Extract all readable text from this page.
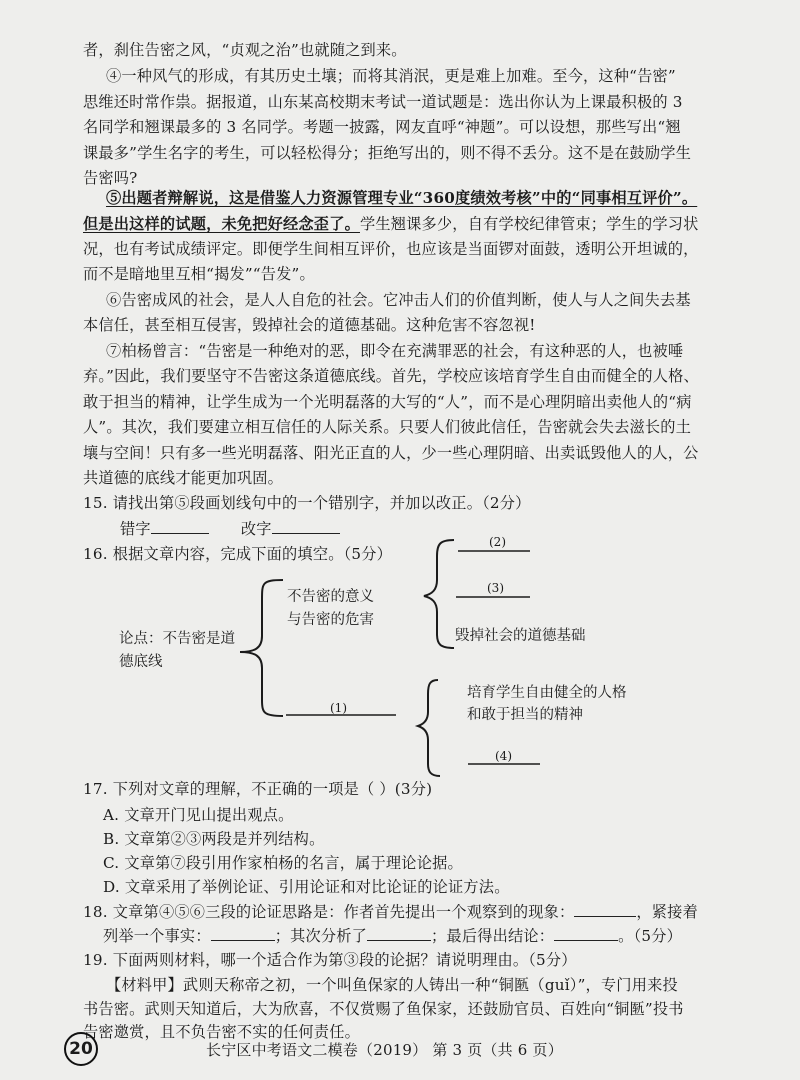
者，刹住告密之风，“贞观之治”也就随之到来。
④一种风气的形成，有其历史土壤；而将其消泯，更是难上加难。至今，这种“告密”
思维还时常作祟。据报道，山东某高校期末考试一道试题是：选出你认为上课最积极的 3
名同学和翘课最多的 3 名同学。考题一披露，网友直呼“神题”。可以设想，那些写出“翘
课最多”学生名字的考生，可以轻松得分；拒绝写出的，则不得不丢分。这不是在鼓励学生
告密吗?
⑤出题者辩解说，这是借鉴人力资源管理专业“360度绩效考核”中的“同事相互评价”。
但是出这样的试题，未免把好经念歪了。学生翘课多少，自有学校纪律管束；学生的学习状
况，也有考试成绩评定。即便学生间相互评价，也应该是当面锣对面鼓，透明公开坦诚的，
而不是暗地里互相“揭发”“告发”。
⑥告密成风的社会，是人人自危的社会。它冲击人们的价值判断，使人与人之间失去基
本信任，甚至相互侵害，毁掉社会的道德基础。这种危害不容忽视!
⑦柏杨曾言：“告密是一种绝对的恶，即令在充满罪恶的社会，有这种恶的人，也被唾
弃。”因此，我们要坚守不告密这条道德底线。首先，学校应该培育学生自由而健全的人格、
敢于担当的精神，让学生成为一个光明磊落的大写的“人”，而不是心理阴暗出卖他人的“病
人”。其次，我们要建立相互信任的人际关系。只要人们彼此信任，告密就会失去滋长的土
壤与空间！只有多一些光明磊落、阳光正直的人，少一些心理阴暗、出卖诋毁他人的人，公
共道德的底线才能更加巩固。
15. 请找出第⑤段画划线句中的一个错别字，并加以改正。（2分）
错字	改字
16. 根据文章内容，完成下面的填空。（5分）
(2)
(3)
(1)
(4)
论点：不告密是道
德底线
不告密的意义
与告密的危害
毁掉社会的道德基础
培育学生自由健全的人格
和敢于担当的精神
17. 下列对文章的理解，不正确的一项是（ ）(3分)
A. 文章开门见山提出观点。
B. 文章第②③两段是并列结构。
C. 文章第⑦段引用作家柏杨的名言，属于理论论据。
D. 文章采用了举例论证、引用论证和对比论证的论证方法。
18. 文章第④⑤⑥三段的论证思路是：作者首先提出一个观察到的现象：	，紧接着
列举一个事实：	；其次分析了	；最后得出结论：	。（5分）
19. 下面两则材料，哪一个适合作为第③段的论据？请说明理由。（5分）
【材料甲】武则天称帝之初，一个叫鱼保家的人铸出一种“铜匦（guǐ）”，专门用来投
书告密。武则天知道后，大为欣喜，不仅赏赐了鱼保家，还鼓励官员、百姓向“铜匦”投书
告密邀赏，且不负告密不实的任何责任。
20	长宁区中考语文二模卷（2019） 第 3 页（共 6 页）
